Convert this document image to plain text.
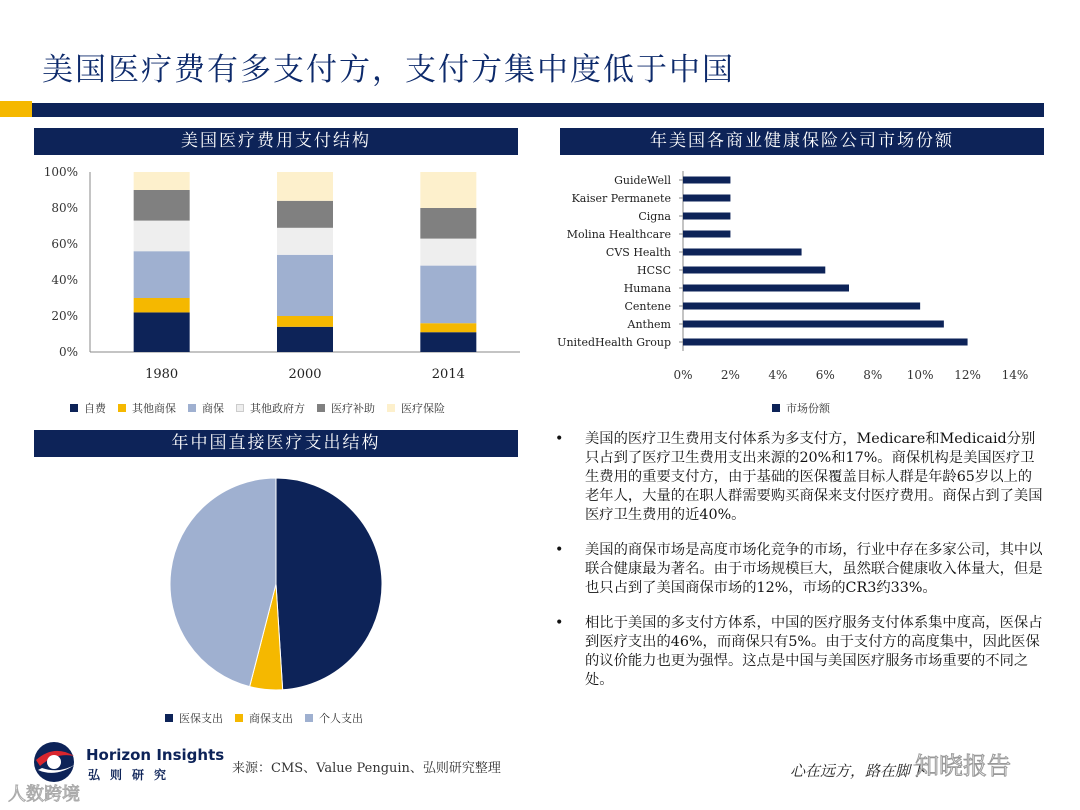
美国医疗费有多支付方，支付方集中度低于中国
美国医疗费用支付结构
0%
20%
40%
60%
80%
100%
1980	2000	2014
自费 其他商保 商保 其他政府方 医疗补助 医疗保险
年美国各商业健康保险公司市场份额
UnitedHealth Group
Anthem
Centene
Humana
HCSC
CVS Health
Molina Healthcare
Cigna
Kaiser Permanete
GuideWell
0% 2% 4% 6% 8% 10% 12% 14%
市场份额
年中国直接医疗支出结构
医保支出 商保支出 个人支出
• 美国的医疗卫生费用支付体系为多支付方，Medicare和Medicaid分别只占到了医疗卫生费用支出来源的20%和17%。商保机构是美国医疗卫生费用的重要支付方，由于基础的医保覆盖目标人群是年龄65岁以上的老年人，大量的在职人群需要购买商保来支付医疗费用。商保占到了美国医疗卫生费用的近40%。
• 美国的商保市场是高度市场化竞争的市场，行业中存在多家公司，其中以联合健康最为著名。由于市场规模巨大，虽然联合健康收入体量大，但是也只占到了美国商保市场的12%，市场的CR3约33%。
• 相比于美国的多支付方体系，中国的医疗服务支付体系集中度高，医保占到医疗支出的46%，而商保只有5%。由于支付方的高度集中，因此医保的议价能力也更为强悍。这点是中国与美国医疗服务市场重要的不同之处。
Horizon Insights
弘则研究	来源：CMS、Value Penguin、弘则研究整理	心在远方，路在脚下
知晓报告
人数跨境
